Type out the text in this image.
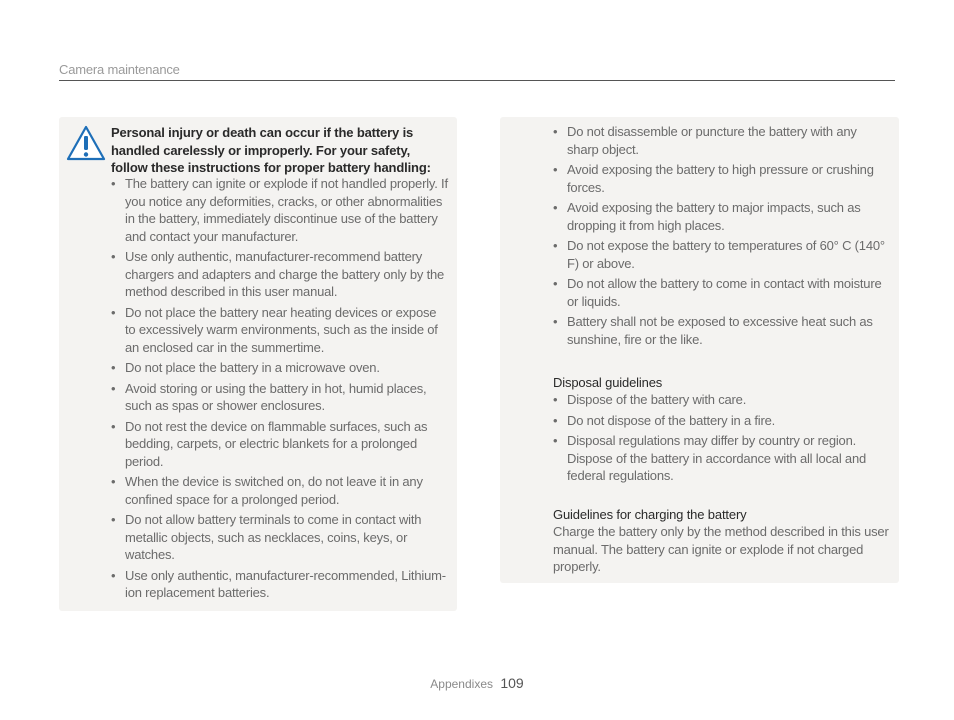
Camera maintenance
Personal injury or death can occur if the battery is handled carelessly or improperly. For your safety, follow these instructions for proper battery handling:
• The battery can ignite or explode if not handled properly. If you notice any deformities, cracks, or other abnormalities in the battery, immediately discontinue use of the battery and contact your manufacturer.
• Use only authentic, manufacturer-recommend battery chargers and adapters and charge the battery only by the method described in this user manual.
• Do not place the battery near heating devices or expose to excessively warm environments, such as the inside of an enclosed car in the summertime.
• Do not place the battery in a microwave oven.
• Avoid storing or using the battery in hot, humid places, such as spas or shower enclosures.
• Do not rest the device on flammable surfaces, such as bedding, carpets, or electric blankets for a prolonged period.
• When the device is switched on, do not leave it in any confined space for a prolonged period.
• Do not allow battery terminals to come in contact with metallic objects, such as necklaces, coins, keys, or watches.
• Use only authentic, manufacturer-recommended, Lithium-ion replacement batteries.
• Do not disassemble or puncture the battery with any sharp object.
• Avoid exposing the battery to high pressure or crushing forces.
• Avoid exposing the battery to major impacts, such as dropping it from high places.
• Do not expose the battery to temperatures of 60° C (140° F) or above.
• Do not allow the battery to come in contact with moisture or liquids.
• Battery shall not be exposed to excessive heat such as sunshine, fire or the like.
Disposal guidelines
• Dispose of the battery with care.
• Do not dispose of the battery in a fire.
• Disposal regulations may differ by country or region. Dispose of the battery in accordance with all local and federal regulations.
Guidelines for charging the battery
Charge the battery only by the method described in this user manual. The battery can ignite or explode if not charged properly.
Appendixes 109
